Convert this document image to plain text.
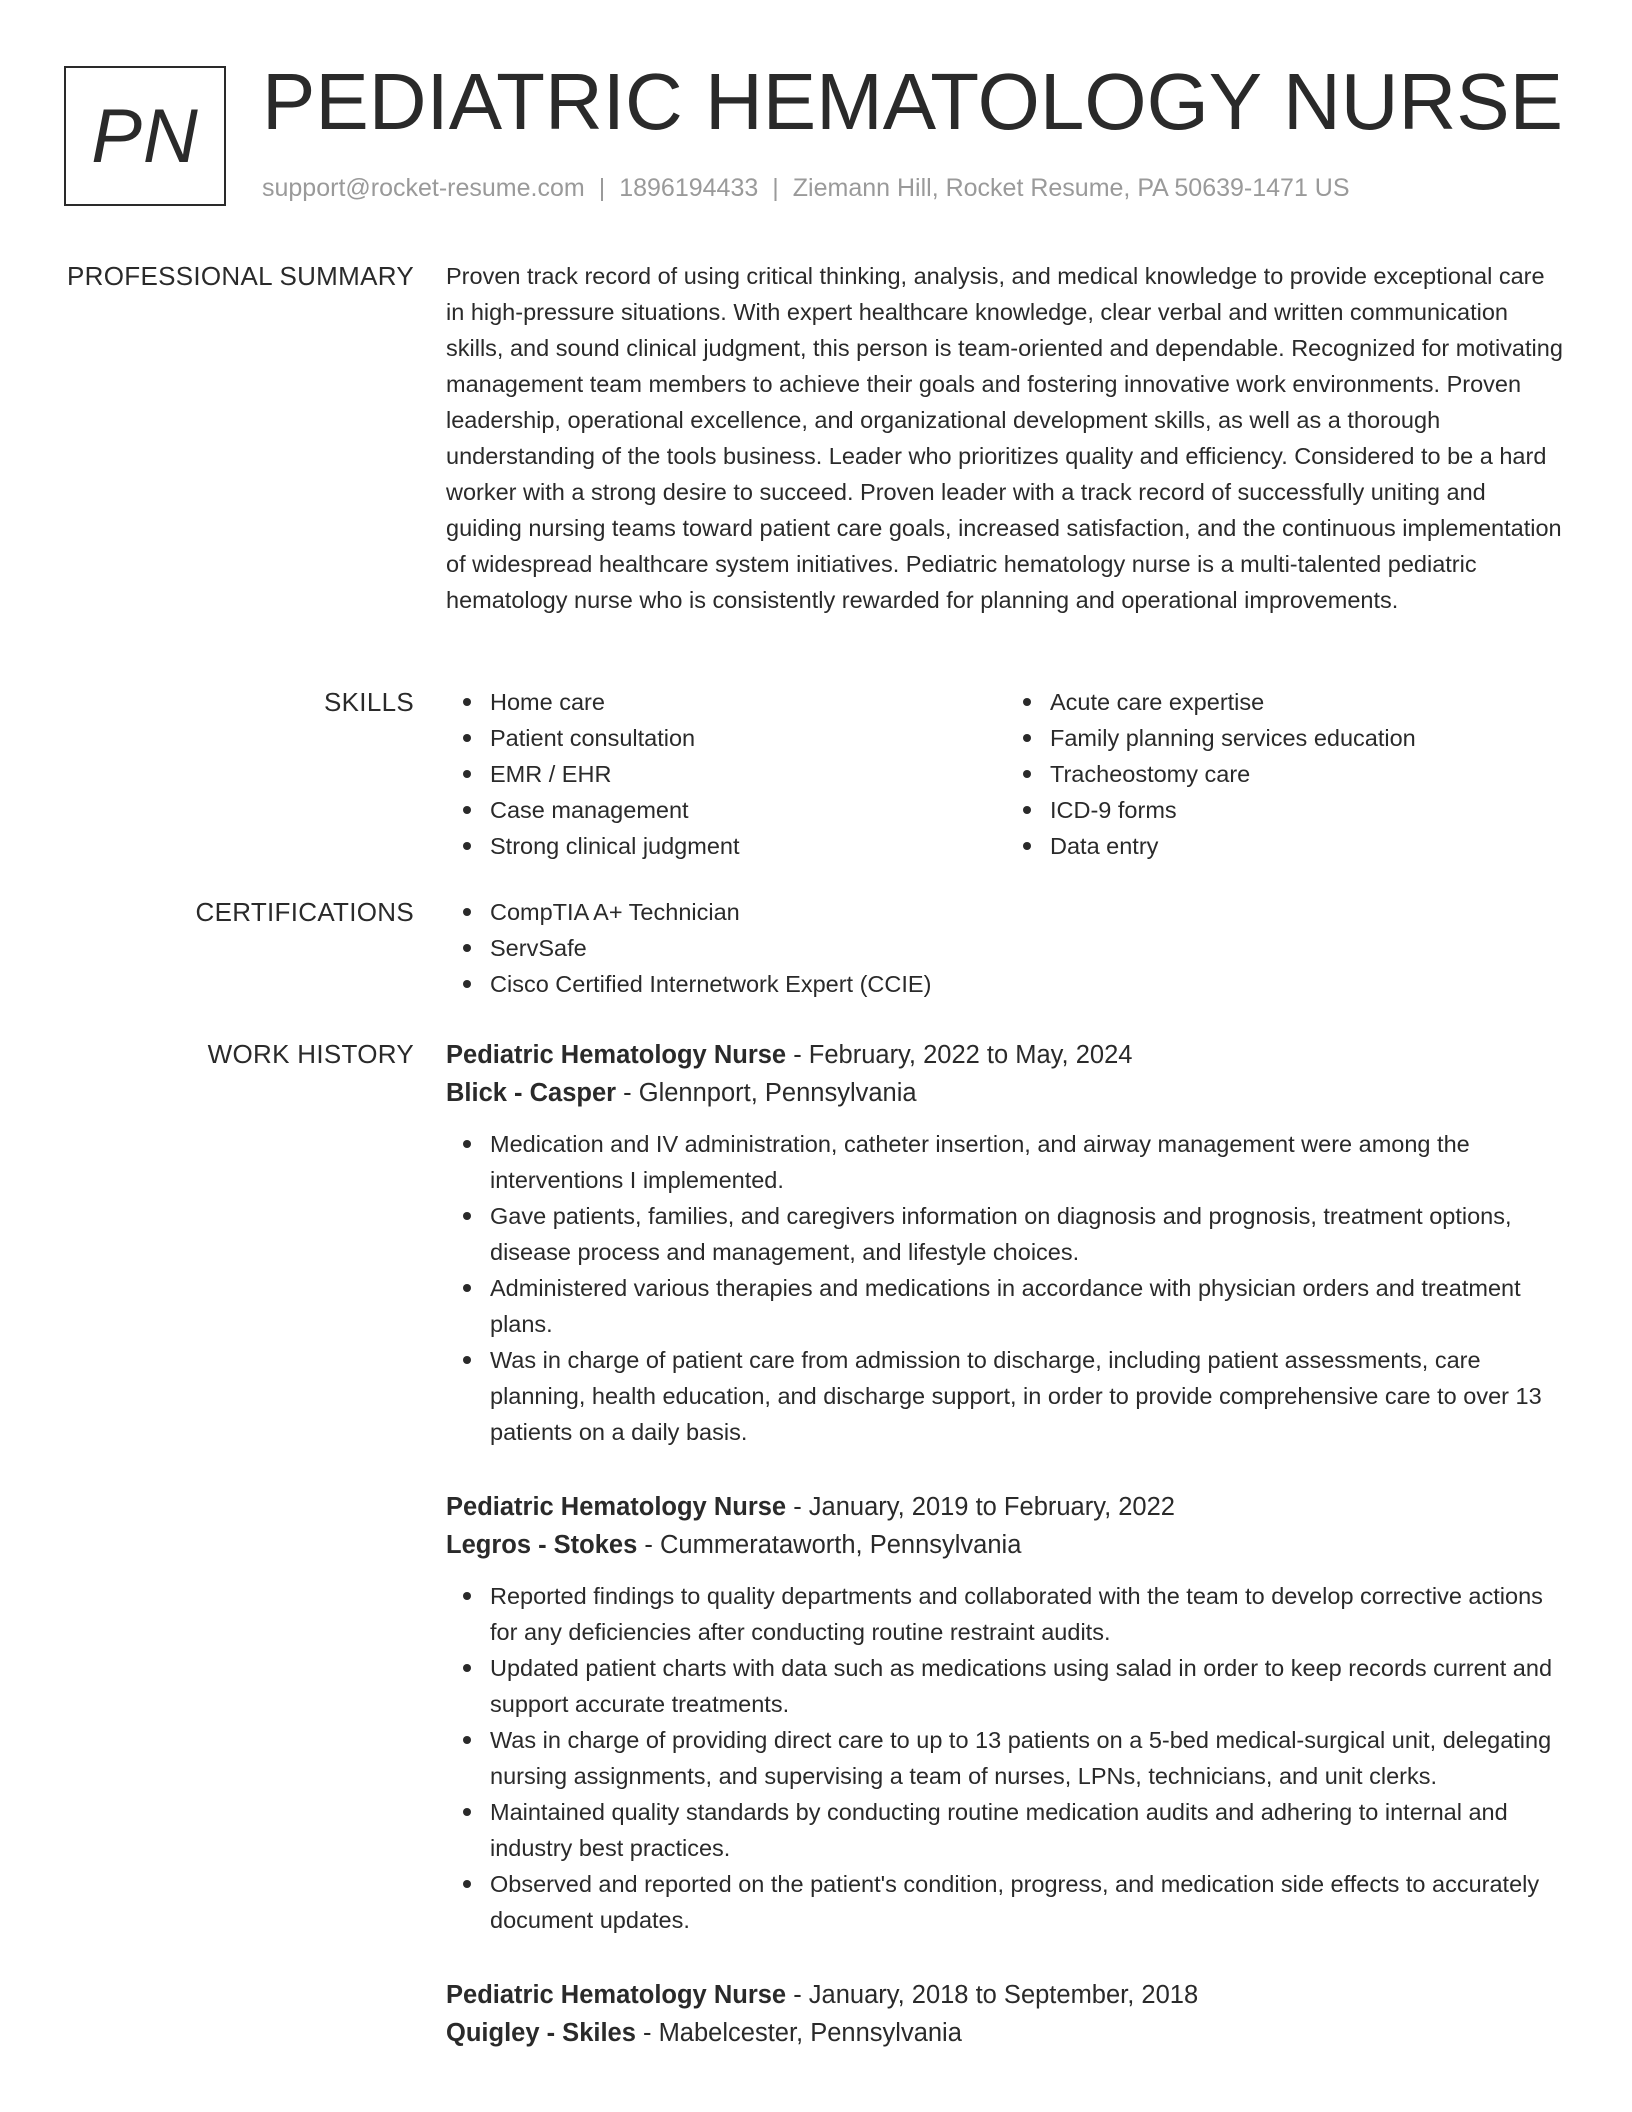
PN PEDIATRIC HEMATOLOGY NURSE
support@rocket-resume.com | 1896194433 | Ziemann Hill, Rocket Resume, PA 50639-1471 US
PROFESSIONAL SUMMARY Proven track record of using critical thinking, analysis, and medical knowledge to provide exceptional care in high-pressure situations. With expert healthcare knowledge, clear verbal and written communication skills, and sound clinical judgment, this person is team-oriented and dependable. Recognized for motivating management team members to achieve their goals and fostering innovative work environments. Proven leadership, operational excellence, and organizational development skills, as well as a thorough understanding of the tools business. Leader who prioritizes quality and efficiency. Considered to be a hard worker with a strong desire to succeed. Proven leader with a track record of successfully uniting and guiding nursing teams toward patient care goals, increased satisfaction, and the continuous implementation of widespread healthcare system initiatives. Pediatric hematology nurse is a multi-talented pediatric hematology nurse who is consistently rewarded for planning and operational improvements.

SKILLS	Home care
Patient consultation
EMR / EHR
Case management
Strong clinical judgment
Acute care expertise
Family planning services education
Tracheostomy care
ICD-9 forms
Data entry
CERTIFICATIONS	CompTIA A+ Technician
ServSafe
Cisco Certified Internetwork Expert (CCIE)
WORK HISTORY Pediatric Hematology Nurse - February, 2022 to May, 2024
Blick - Casper - Glennport, Pennsylvania
Medication and IV administration, catheter insertion, and airway management were among the interventions I implemented.
Gave patients, families, and caregivers information on diagnosis and prognosis, treatment options, disease process and management, and lifestyle choices.
Administered various therapies and medications in accordance with physician orders and treatment plans.
Was in charge of patient care from admission to discharge, including patient assessments, care planning, health education, and discharge support, in order to provide comprehensive care to over 13 patients on a daily basis.
Pediatric Hematology Nurse - January, 2019 to February, 2022
Legros - Stokes - Cummerataworth, Pennsylvania
Reported findings to quality departments and collaborated with the team to develop corrective actions for any deficiencies after conducting routine restraint audits.
Updated patient charts with data such as medications using salad in order to keep records current and support accurate treatments.
Was in charge of providing direct care to up to 13 patients on a 5-bed medical-surgical unit, delegating nursing assignments, and supervising a team of nurses, LPNs, technicians, and unit clerks.
Maintained quality standards by conducting routine medication audits and adhering to internal and industry best practices.
Observed and reported on the patient's condition, progress, and medication side effects to accurately document updates.
Pediatric Hematology Nurse - January, 2018 to September, 2018
Quigley - Skiles - Mabelcester, Pennsylvania
